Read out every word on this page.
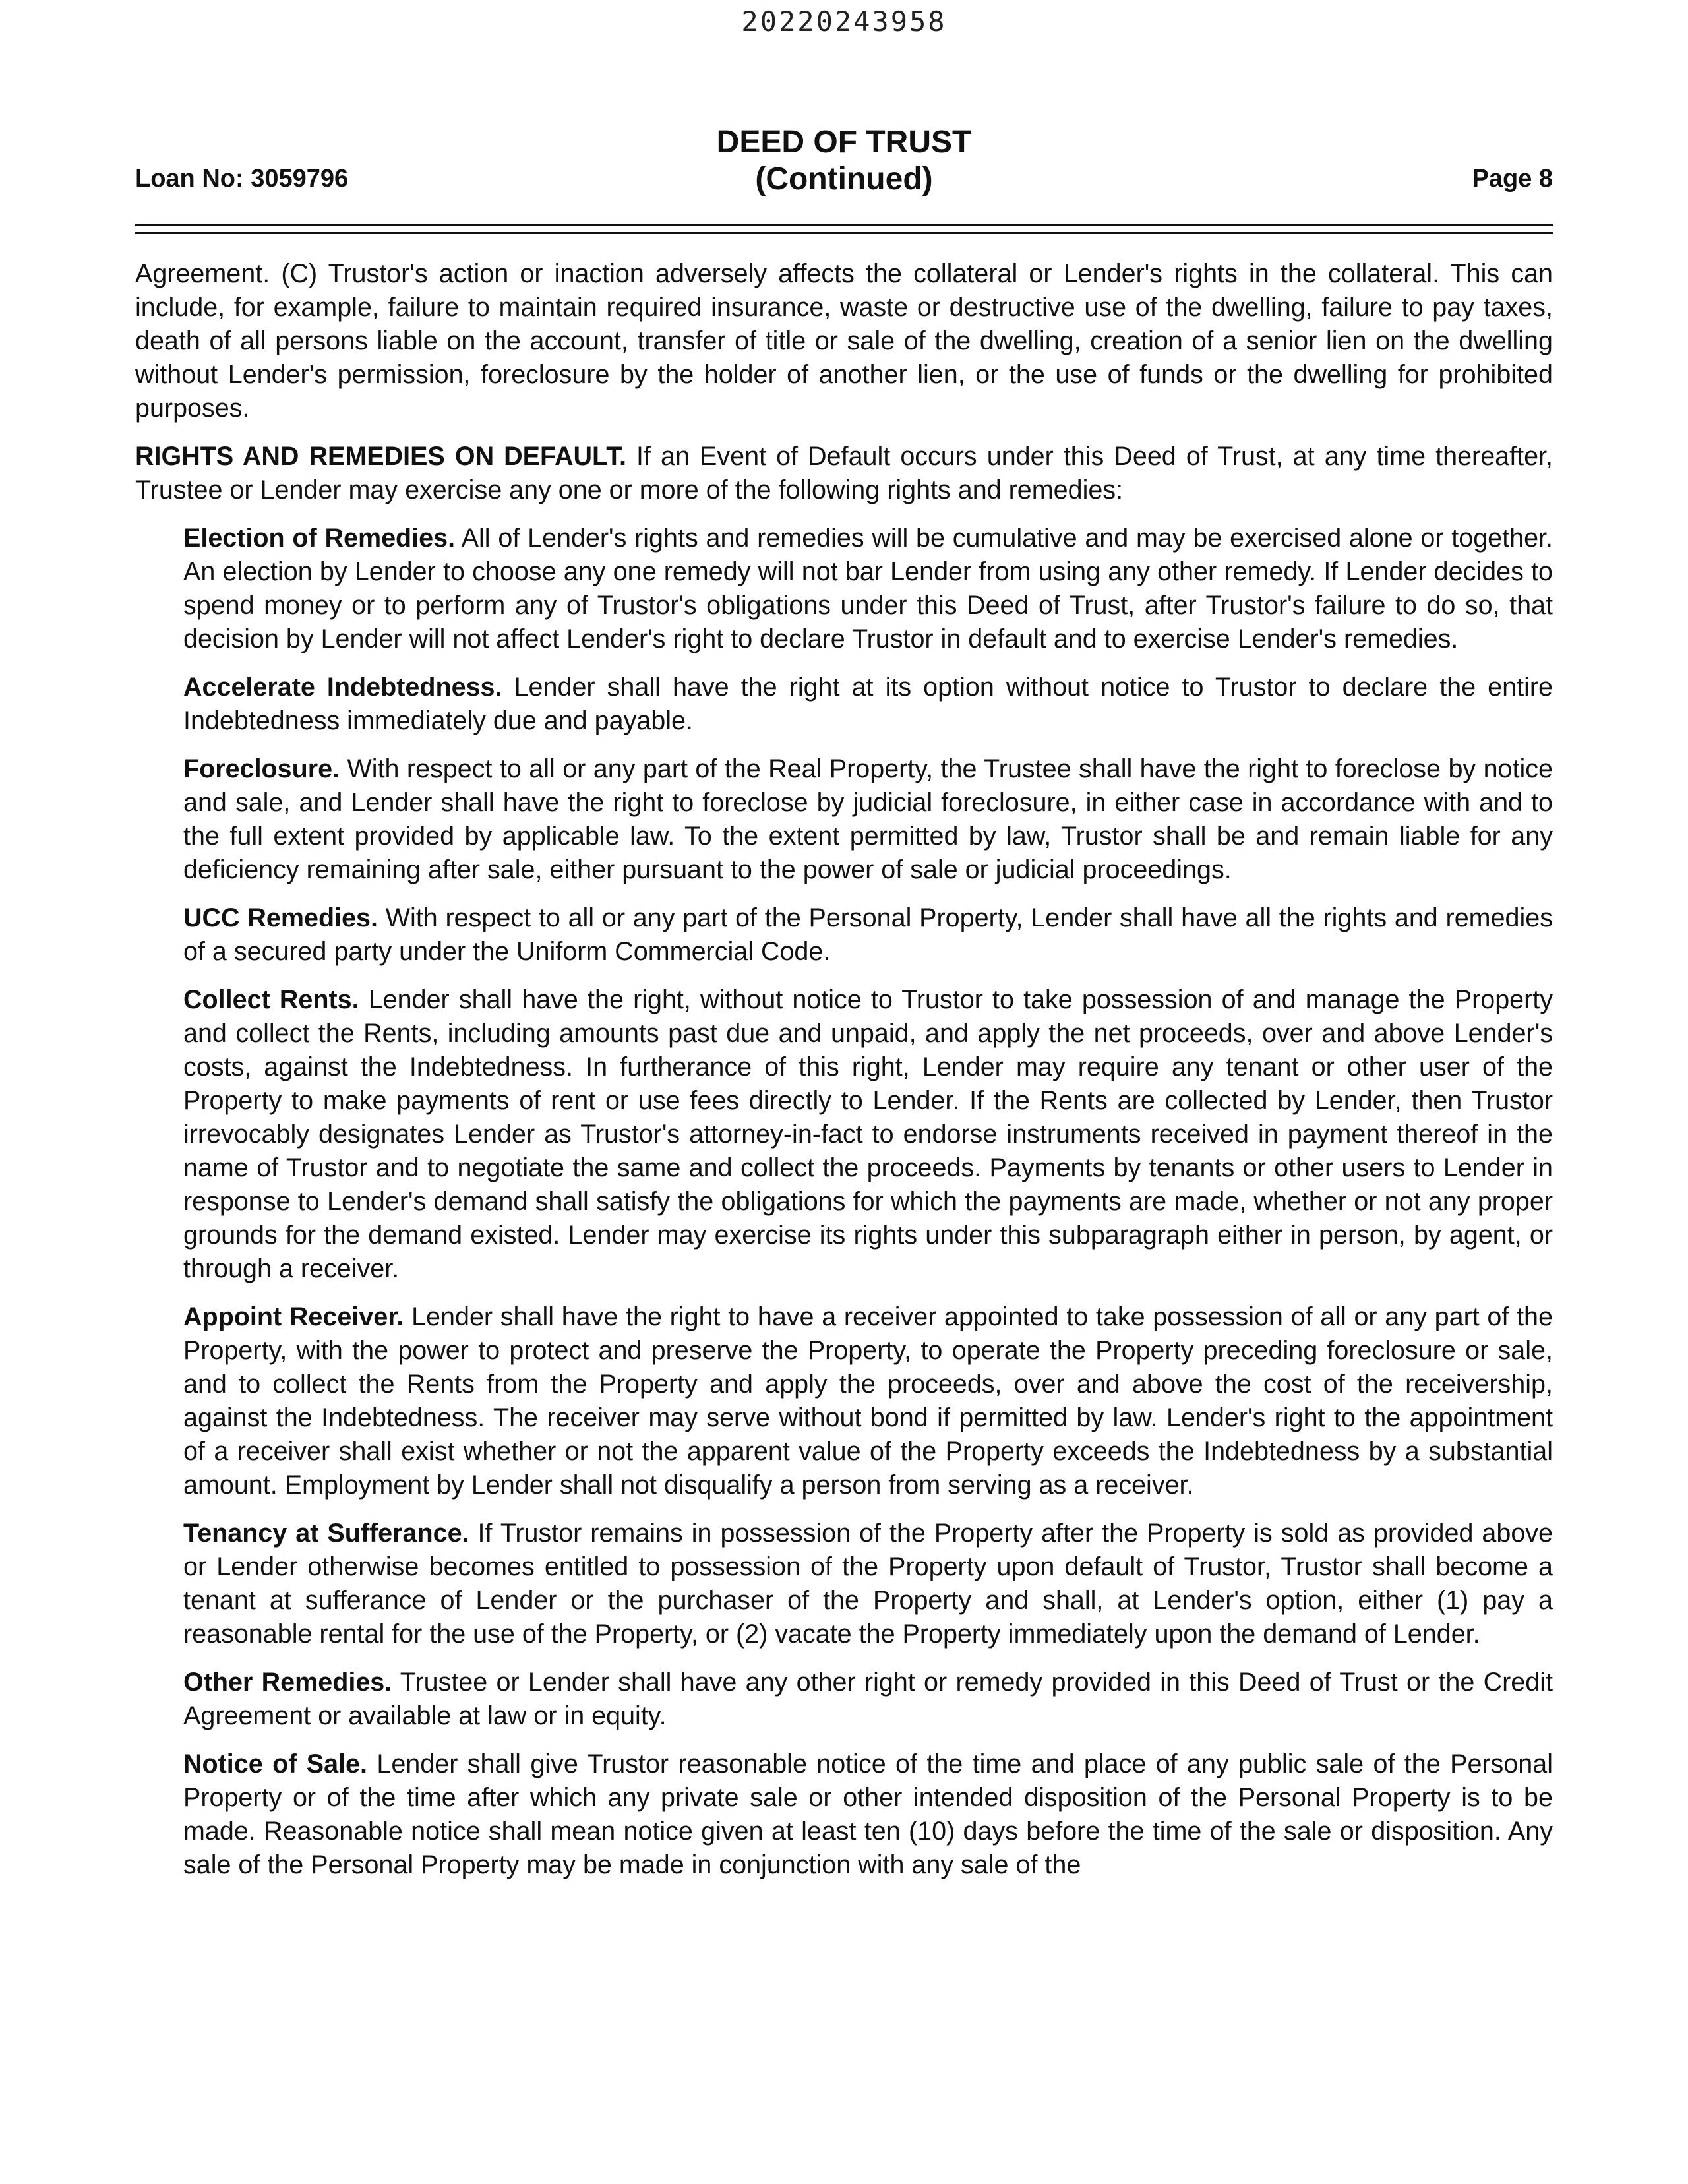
20220243958
Loan No: 3059796
DEED OF TRUST
(Continued)	Page 8

Agreement. (C) Trustor's action or inaction adversely affects the collateral or Lender's rights in the collateral. This can include, for example, failure to maintain required insurance, waste or destructive use of the dwelling, failure to pay taxes, death of all persons liable on the account, transfer of title or sale of the dwelling, creation of a senior lien on the dwelling without Lender's permission, foreclosure by the holder of another lien, or the use of funds or the dwelling for prohibited purposes.

RIGHTS AND REMEDIES ON DEFAULT. If an Event of Default occurs under this Deed of Trust, at any time thereafter, Trustee or Lender may exercise any one or more of the following rights and remedies:

Election of Remedies. All of Lender's rights and remedies will be cumulative and may be exercised alone or together. An election by Lender to choose any one remedy will not bar Lender from using any other remedy. If Lender decides to spend money or to perform any of Trustor's obligations under this Deed of Trust, after Trustor's failure to do so, that decision by Lender will not affect Lender's right to declare Trustor in default and to exercise Lender's remedies.

Accelerate Indebtedness. Lender shall have the right at its option without notice to Trustor to declare the entire Indebtedness immediately due and payable.

Foreclosure. With respect to all or any part of the Real Property, the Trustee shall have the right to foreclose by notice and sale, and Lender shall have the right to foreclose by judicial foreclosure, in either case in accordance with and to the full extent provided by applicable law. To the extent permitted by law, Trustor shall be and remain liable for any deficiency remaining after sale, either pursuant to the power of sale or judicial proceedings.

UCC Remedies. With respect to all or any part of the Personal Property, Lender shall have all the rights and remedies of a secured party under the Uniform Commercial Code.

Collect Rents. Lender shall have the right, without notice to Trustor to take possession of and manage the Property and collect the Rents, including amounts past due and unpaid, and apply the net proceeds, over and above Lender's costs, against the Indebtedness. In furtherance of this right, Lender may require any tenant or other user of the Property to make payments of rent or use fees directly to Lender. If the Rents are collected by Lender, then Trustor irrevocably designates Lender as Trustor's attorney-in-fact to endorse instruments received in payment thereof in the name of Trustor and to negotiate the same and collect the proceeds. Payments by tenants or other users to Lender in response to Lender's demand shall satisfy the obligations for which the payments are made, whether or not any proper grounds for the demand existed. Lender may exercise its rights under this subparagraph either in person, by agent, or through a receiver.

Appoint Receiver. Lender shall have the right to have a receiver appointed to take possession of all or any part of the Property, with the power to protect and preserve the Property, to operate the Property preceding foreclosure or sale, and to collect the Rents from the Property and apply the proceeds, over and above the cost of the receivership, against the Indebtedness. The receiver may serve without bond if permitted by law. Lender's right to the appointment of a receiver shall exist whether or not the apparent value of the Property exceeds the Indebtedness by a substantial amount. Employment by Lender shall not disqualify a person from serving as a receiver.

Tenancy at Sufferance. If Trustor remains in possession of the Property after the Property is sold as provided above or Lender otherwise becomes entitled to possession of the Property upon default of Trustor, Trustor shall become a tenant at sufferance of Lender or the purchaser of the Property and shall, at Lender's option, either (1) pay a reasonable rental for the use of the Property, or (2) vacate the Property immediately upon the demand of Lender.

Other Remedies. Trustee or Lender shall have any other right or remedy provided in this Deed of Trust or the Credit Agreement or available at law or in equity.

Notice of Sale. Lender shall give Trustor reasonable notice of the time and place of any public sale of the Personal Property or of the time after which any private sale or other intended disposition of the Personal Property is to be made. Reasonable notice shall mean notice given at least ten (10) days before the time of the sale or disposition. Any sale of the Personal Property may be made in conjunction with any sale of the
